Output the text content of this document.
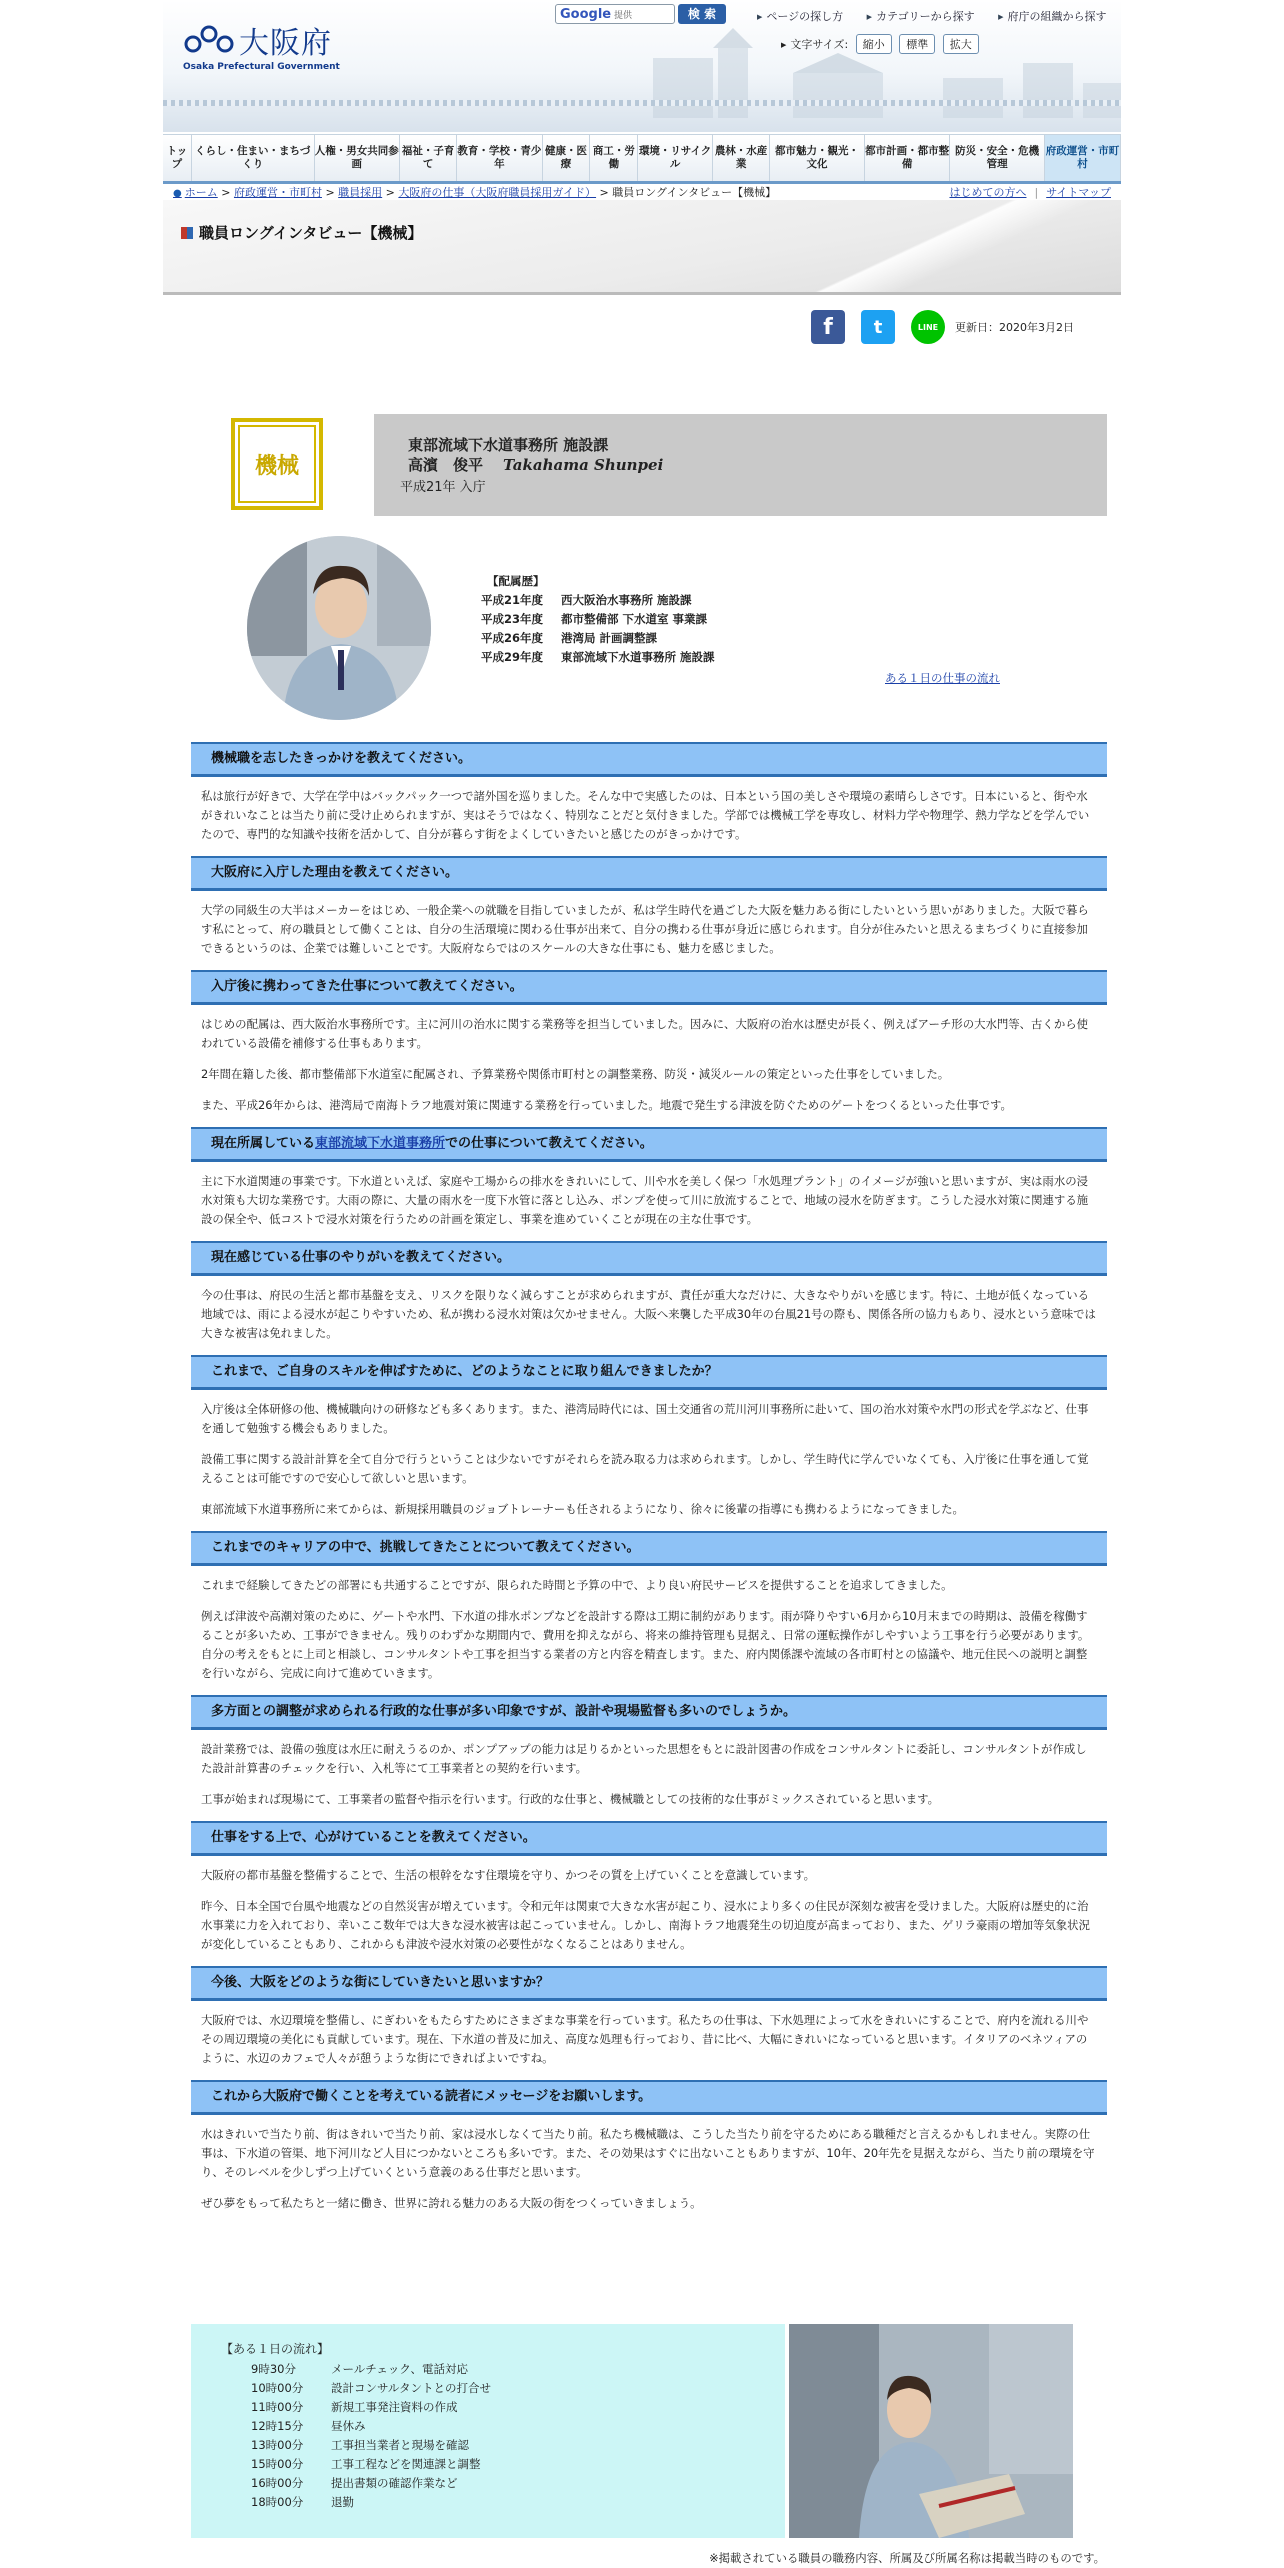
大阪府
Osaka Prefectural Government
Google 提供	検 索	▶ ページの探し方	▶ カテゴリーから探す	▶ 府庁の組織から探す
▶ 文字サイズ: 縮小 標準 拡大
トップ
くらし・住まい・まちづくり
人権・男女共同参画
福祉・子育て
教育・学校・青少年
健康・医療
商工・労働
環境・リサイクル
農林・水産業
都市魅力・観光・文化
都市計画・都市整備
防災・安全・危機管理
府政運営・市町村
職員ロングインタビュー【機械】
● ホーム > 府政運営・市町村 > 職員採用 > 大阪府の仕事（大阪府職員採用ガイド） > 職員ロングインタビュー【機械】	はじめての方へ | サイトマップ
f	t	LINE	更新日：2020年3月2日
機械
東部流域下水道事務所 施設課
高濱　俊平 Takahama Shunpei
平成21年 入庁
【配属歴】
平成21年度 西大阪治水事務所 施設課
平成23年度 都市整備部 下水道室 事業課
平成26年度 港湾局 計画調整課
平成29年度 東部流域下水道事務所 施設課
ある１日の仕事の流れ
機械職を志したきっかけを教えてください。

私は旅行が好きで、大学在学中はバックパック一つで諸外国を巡りました。そんな中で実感したのは、日本という国の美しさや環境の素晴らしさです。日本にいると、街や水がきれいなことは当たり前に受け止められますが、実はそうではなく、特別なことだと気付きました。学部では機械工学を専攻し、材料力学や物理学、熱力学などを学んでいたので、専門的な知識や技術を活かして、自分が暮らす街をよくしていきたいと感じたのがきっかけです。

大阪府に入庁した理由を教えてください。

大学の同級生の大半はメーカーをはじめ、一般企業への就職を目指していましたが、私は学生時代を過ごした大阪を魅力ある街にしたいという思いがありました。大阪で暮らす私にとって、府の職員として働くことは、自分の生活環境に関わる仕事が出来て、自分の携わる仕事が身近に感じられます。自分が住みたいと思えるまちづくりに直接参加できるというのは、企業では難しいことです。大阪府ならではのスケールの大きな仕事にも、魅力を感じました。

入庁後に携わってきた仕事について教えてください。

はじめの配属は、西大阪治水事務所です。主に河川の治水に関する業務等を担当していました。因みに、大阪府の治水は歴史が長く、例えばアーチ形の大水門等、古くから使われている設備を補修する仕事もあります。

2年間在籍した後、都市整備部下水道室に配属され、予算業務や関係市町村との調整業務、防災・減災ルールの策定といった仕事をしていました。

また、平成26年からは、港湾局で南海トラフ地震対策に関連する業務を行っていました。地震で発生する津波を防ぐためのゲートをつくるといった仕事です。

現在所属している東部流域下水道事務所での仕事について教えてください。

主に下水道関連の事業です。下水道といえば、家庭や工場からの排水をきれいにして、川や水を美しく保つ「水処理プラント」のイメージが強いと思いますが、実は雨水の浸水対策も大切な業務です。大雨の際に、大量の雨水を一度下水管に落とし込み、ポンプを使って川に放流することで、地域の浸水を防ぎます。こうした浸水対策に関連する施設の保全や、低コストで浸水対策を行うための計画を策定し、事業を進めていくことが現在の主な仕事です。

現在感じている仕事のやりがいを教えてください。

今の仕事は、府民の生活と都市基盤を支え、リスクを限りなく減らすことが求められますが、責任が重大なだけに、大きなやりがいを感じます。特に、土地が低くなっている地域では、雨による浸水が起こりやすいため、私が携わる浸水対策は欠かせません。大阪へ来襲した平成30年の台風21号の際も、関係各所の協力もあり、浸水という意味では大きな被害は免れました。

これまで、ご自身のスキルを伸ばすために、どのようなことに取り組んできましたか？

入庁後は全体研修の他、機械職向けの研修なども多くあります。また、港湾局時代には、国土交通省の荒川河川事務所に赴いて、国の治水対策や水門の形式を学ぶなど、仕事を通して勉強する機会もありました。

設備工事に関する設計計算を全て自分で行うということは少ないですがそれらを読み取る力は求められます。しかし、学生時代に学んでいなくても、入庁後に仕事を通して覚えることは可能ですので安心して欲しいと思います。

東部流域下水道事務所に来てからは、新規採用職員のジョブトレーナーも任されるようになり、徐々に後輩の指導にも携わるようになってきました。

これまでのキャリアの中で、挑戦してきたことについて教えてください。

これまで経験してきたどの部署にも共通することですが、限られた時間と予算の中で、より良い府民サービスを提供することを追求してきました。

例えば津波や高潮対策のために、ゲートや水門、下水道の排水ポンプなどを設計する際は工期に制約があります。雨が降りやすい6月から10月末までの時期は、設備を稼働することが多いため、工事ができません。残りのわずかな期間内で、費用を抑えながら、将来の維持管理も見据え、日常の運転操作がしやすいよう工事を行う必要があります。自分の考えをもとに上司と相談し、コンサルタントや工事を担当する業者の方と内容を精査します。また、府内関係課や流域の各市町村との協議や、地元住民への説明と調整を行いながら、完成に向けて進めていきます。

多方面との調整が求められる行政的な仕事が多い印象ですが、設計や現場監督も多いのでしょうか。

設計業務では、設備の強度は水圧に耐えうるのか、ポンプアップの能力は足りるかといった思想をもとに設計図書の作成をコンサルタントに委託し、コンサルタントが作成した設計計算書のチェックを行い、入札等にて工事業者との契約を行います。

工事が始まれば現場にて、工事業者の監督や指示を行います。行政的な仕事と、機械職としての技術的な仕事がミックスされていると思います。

仕事をする上で、心がけていることを教えてください。

大阪府の都市基盤を整備することで、生活の根幹をなす住環境を守り、かつその質を上げていくことを意識しています。

昨今、日本全国で台風や地震などの自然災害が増えています。令和元年は関東で大きな水害が起こり、浸水により多くの住民が深刻な被害を受けました。大阪府は歴史的に治水事業に力を入れており、幸いここ数年では大きな浸水被害は起こっていません。しかし、南海トラフ地震発生の切迫度が高まっており、また、ゲリラ豪雨の増加等気象状況が変化していることもあり、これからも津波や浸水対策の必要性がなくなることはありません。

今後、大阪をどのような街にしていきたいと思いますか？

大阪府では、水辺環境を整備し、にぎわいをもたらすためにさまざまな事業を行っています。私たちの仕事は、下水処理によって水をきれいにすることで、府内を流れる川やその周辺環境の美化にも貢献しています。現在、下水道の普及に加え、高度な処理も行っており、昔に比べ、大幅にきれいになっていると思います。イタリアのベネツィアのように、水辺のカフェで人々が憩うような街にできればよいですね。

これから大阪府で働くことを考えている読者にメッセージをお願いします。

水はきれいで当たり前、街はきれいで当たり前、家は浸水しなくて当たり前。私たち機械職は、こうした当たり前を守るためにある職種だと言えるかもしれません。実際の仕事は、下水道の管渠、地下河川など人目につかないところも多いです。また、その効果はすぐに出ないこともありますが、10年、20年先を見据えながら、当たり前の環境を守り、そのレベルを少しずつ上げていくという意義のある仕事だと思います。

ぜひ夢をもって私たちと一緒に働き、世界に誇れる魅力のある大阪の街をつくっていきましょう。

【ある１日の流れ】
9時30分	メールチェック、電話対応
10時00分 設計コンサルタントとの打合せ
11時00分 新規工事発注資料の作成
12時15分 昼休み
13時00分 工事担当業者と現場を確認
15時00分 工事工程などを関連課と調整
16時00分 提出書類の確認作業など
18時00分 退勤
※掲載されている職員の職務内容、所属及び所属名称は掲載当時のものです。
